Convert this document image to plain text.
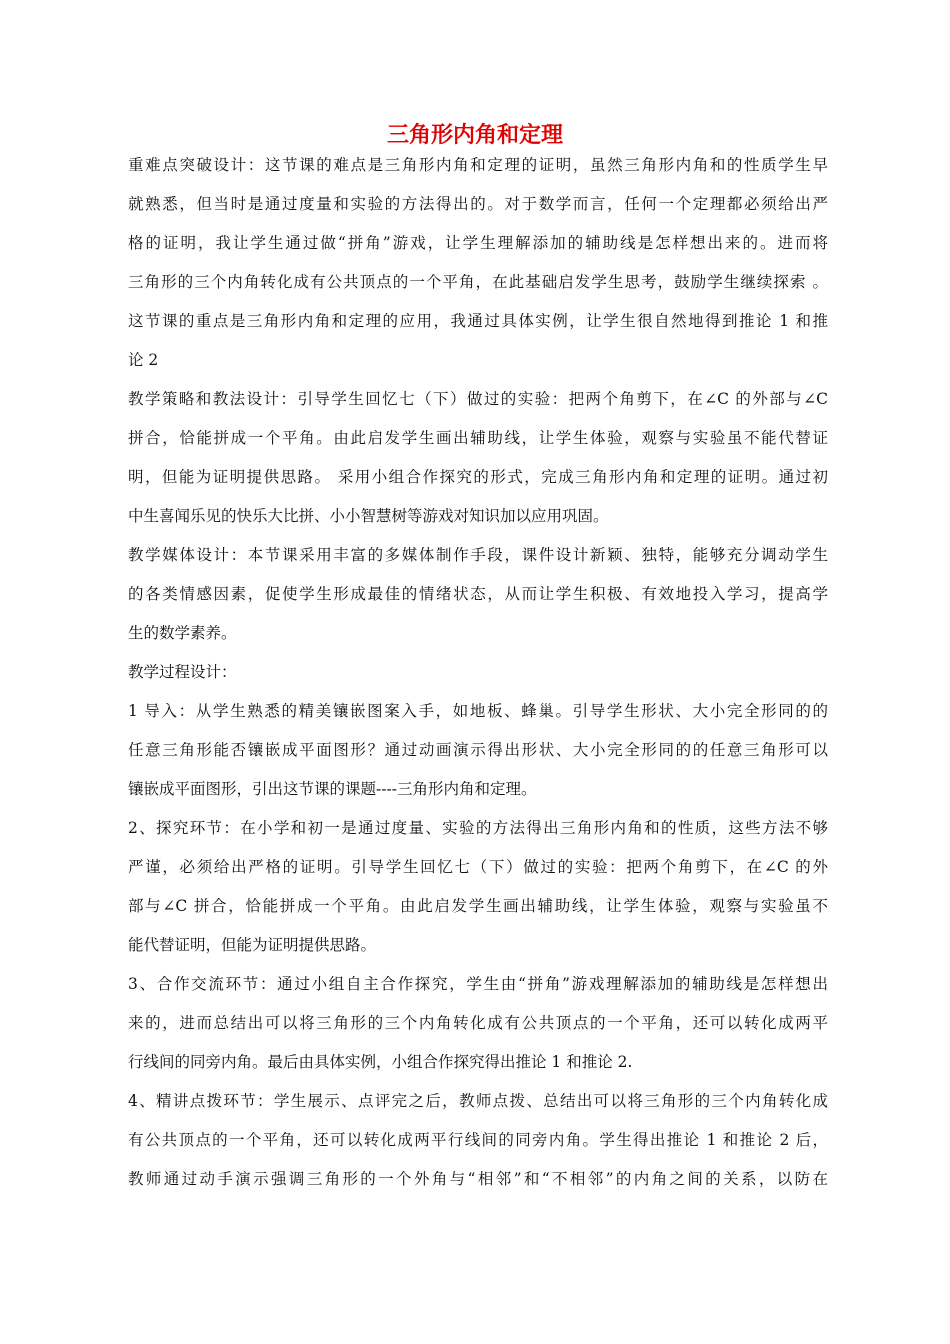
三角形内角和定理
重难点突破设计：这节课的难点是三角形内角和定理的证明，虽然三角形内角和的性质学生早
就熟悉，但当时是通过度量和实验的方法得出的。对于数学而言，任何一个定理都必须给出严
格的证明，我让学生通过做“拼角”游戏，让学生理解添加的辅助线是怎样想出来的。进而将
三角形的三个内角转化成有公共顶点的一个平角，在此基础启发学生思考，鼓励学生继续探索 。
这节课的重点是三角形内角和定理的应用，我通过具体实例，让学生很自然地得到推论 1 和推
论 2
教学策略和教法设计：引导学生回忆七（下）做过的实验：把两个角剪下，在∠C 的外部与∠C
拼合，恰能拼成一个平角。由此启发学生画出辅助线，让学生体验，观察与实验虽不能代替证
明，但能为证明提供思路。 采用小组合作探究的形式，完成三角形内角和定理的证明。通过初
中生喜闻乐见的快乐大比拼、小小智慧树等游戏对知识加以应用巩固。
教学媒体设计：本节课采用丰富的多媒体制作手段，课件设计新颖、独特，能够充分调动学生
的各类情感因素，促使学生形成最佳的情绪状态，从而让学生积极、有效地投入学习，提高学
生的数学素养。
教学过程设计：
1 导入：从学生熟悉的精美镶嵌图案入手，如地板、蜂巢。引导学生形状、大小完全形同的的
任意三角形能否镶嵌成平面图形？通过动画演示得出形状、大小完全形同的的任意三角形可以
镶嵌成平面图形，引出这节课的课题----三角形内角和定理。
2、探究环节：在小学和初一是通过度量、实验的方法得出三角形内角和的性质，这些方法不够
严谨，必须给出严格的证明。引导学生回忆七（下）做过的实验：把两个角剪下，在∠C 的外
部与∠C 拼合，恰能拼成一个平角。由此启发学生画出辅助线，让学生体验，观察与实验虽不
能代替证明，但能为证明提供思路。
3、合作交流环节：通过小组自主合作探究，学生由“拼角”游戏理解添加的辅助线是怎样想出
来的，进而总结出可以将三角形的三个内角转化成有公共顶点的一个平角，还可以转化成两平
行线间的同旁内角。最后由具体实例，小组合作探究得出推论 1 和推论 2.
4、精讲点拨环节：学生展示、点评完之后，教师点拨、总结出可以将三角形的三个内角转化成
有公共顶点的一个平角，还可以转化成两平行线间的同旁内角。学生得出推论 1 和推论 2 后，
教师通过动手演示强调三角形的一个外角与“相邻”和“不相邻”的内角之间的关系，以防在
